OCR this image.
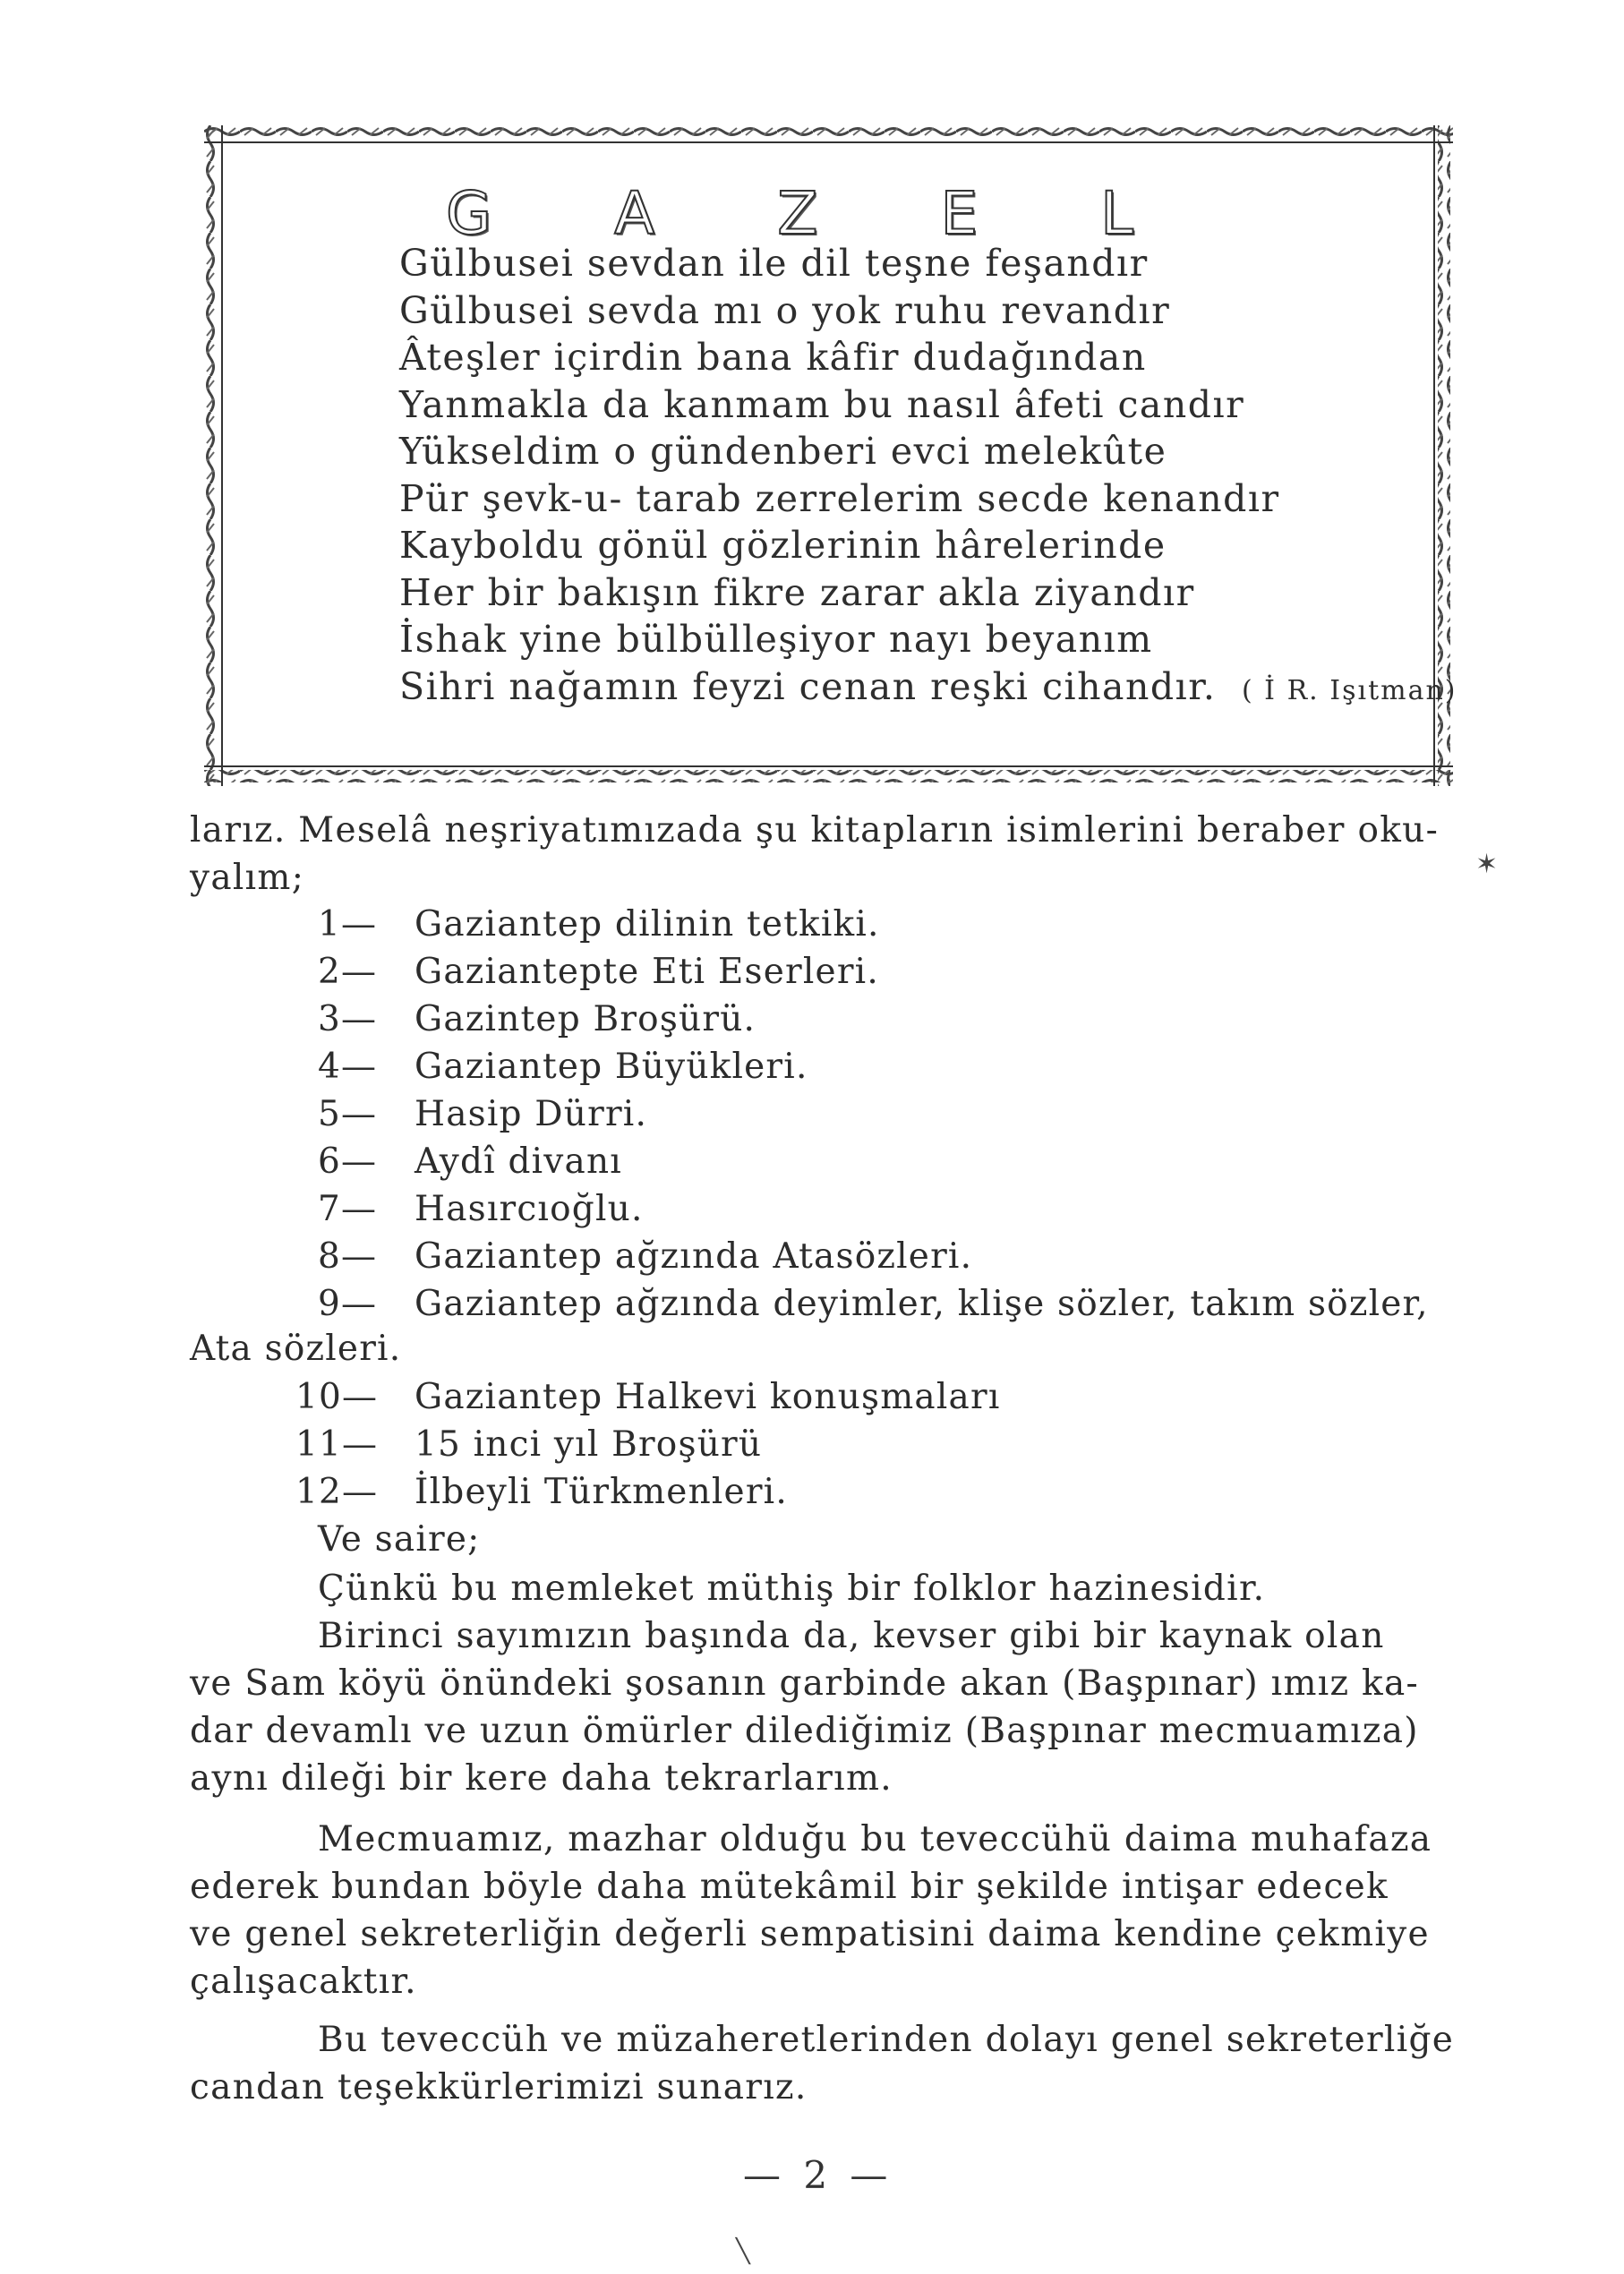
G A Z E L
Gülbusei sevdan ile dil teşne feşandır
Gülbusei sevda mı o yok ruhu revandır
Âteşler içirdin bana kâfir dudağından
Yanmakla da kanmam bu nasıl âfeti candır
Yükseldim o gündenberi evci melekûte
Pür şevk-u- tarab zerrelerim secde kenandır
Kayboldu gönül gözlerinin hârelerinde
Her bir bakışın fikre zarar akla ziyandır
İshak yine bülbülleşiyor nayı beyanım
Sihri nağamın feyzi cenan reşki cihandır. ( İ R. Işıtman)
larız. Meselâ neşriyatımızada şu kitapların isimlerini beraber oku-
yalım;
1— Gaziantep dilinin tetkiki.
2— Gaziantepte Eti Eserleri.
3— Gazintep Broşürü.
4— Gaziantep Büyükleri.
5— Hasip Dürri.
6— Aydî divanı
7— Hasırcıoğlu.
8— Gaziantep ağzında Atasözleri.
9— Gaziantep ağzında deyimler, klişe sözler, takım sözler,
Ata sözleri.
10— Gaziantep Halkevi konuşmaları
11— 15 inci yıl Broşürü
12— İlbeyli Türkmenleri.
Ve saire;
Çünkü bu memleket müthiş bir folklor hazinesidir.
Birinci sayımızın başında da, kevser gibi bir kaynak olan
ve Sam köyü önündeki şosanın garbinde akan (Başpınar) ımız ka-
dar devamlı ve uzun ömürler dilediğimiz (Başpınar mecmuamıza)
aynı dileği bir kere daha tekrarlarım.
Mecmuamız, mazhar olduğu bu teveccühü daima muhafaza
ederek bundan böyle daha mütekâmil bir şekilde intişar edecek
ve genel sekreterliğin değerli sempatisini daima kendine çekmiye
çalışacaktır.
Bu teveccüh ve müzaheretlerinden dolayı genel sekreterliğe
candan teşekkürlerimizi sunarız.
— 2 —
✶
╲
